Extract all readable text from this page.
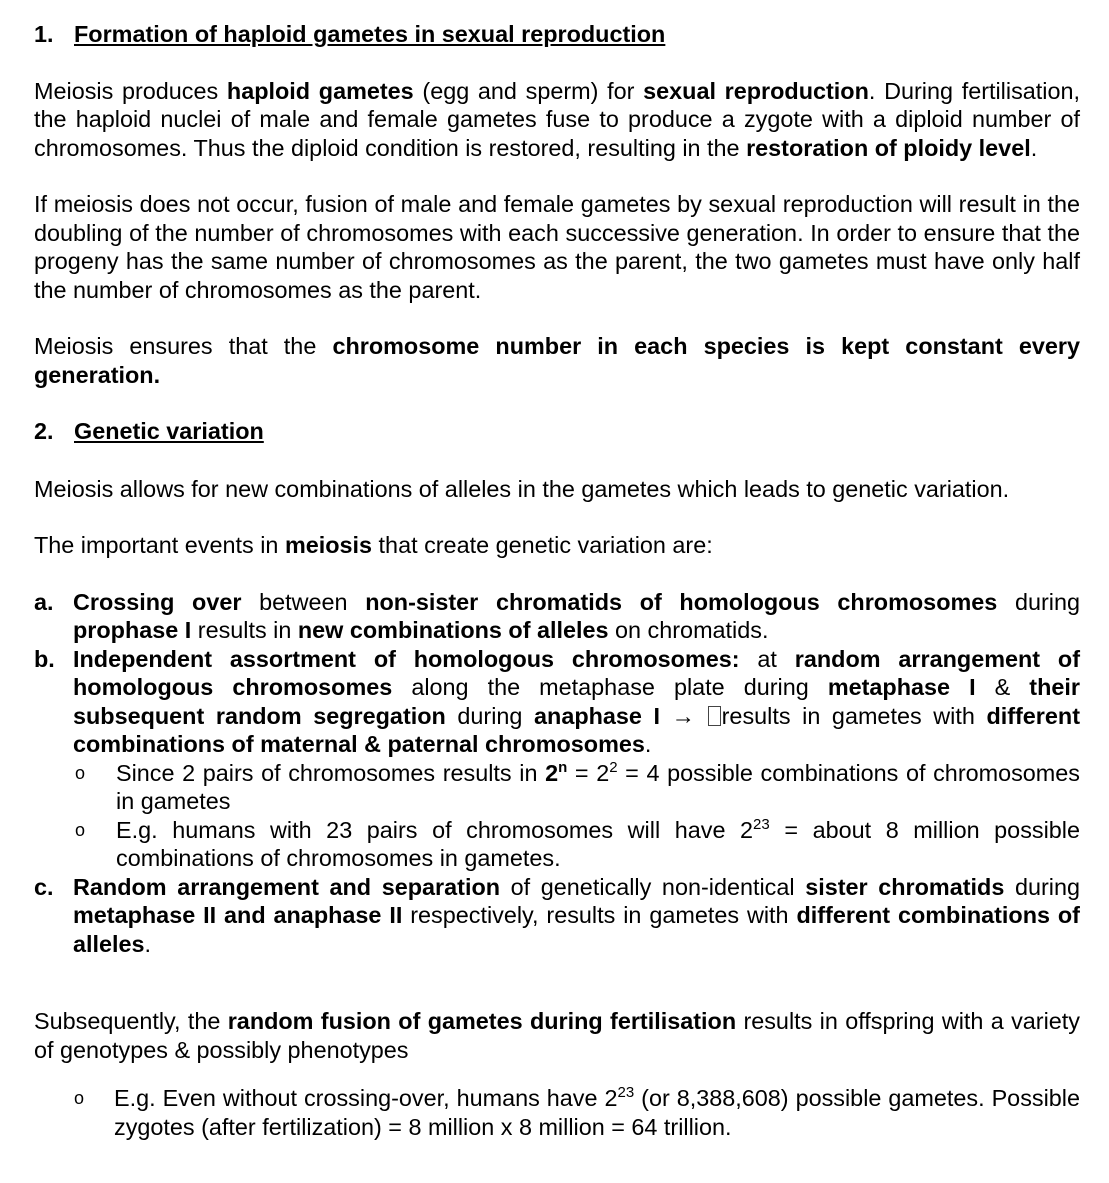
1. Formation of haploid gametes in sexual reproduction

Meiosis produces haploid gametes (egg and sperm) for sexual reproduction. During fertilisation, the haploid nuclei of male and female gametes fuse to produce a zygote with a diploid number of chromosomes. Thus the diploid condition is restored, resulting in the restoration of ploidy level.

If meiosis does not occur, fusion of male and female gametes by sexual reproduction will result in the doubling of the number of chromosomes with each successive generation. In order to ensure that the progeny has the same number of chromosomes as the parent, the two gametes must have only half the number of chromosomes as the parent.

Meiosis ensures that the chromosome number in each species is kept constant every generation.

2. Genetic variation

Meiosis allows for new combinations of alleles in the gametes which leads to genetic variation.

The important events in meiosis that create genetic variation are:

a. Crossing over between non-sister chromatids of homologous chromosomes during prophase I results in new combinations of alleles on chromatids.
b. Independent assortment of homologous chromosomes: at random arrangement of homologous chromosomes along the metaphase plate during metaphase I & their subsequent random segregation during anaphase I → results in gametes with different combinations of maternal & paternal chromosomes.
o	Since 2 pairs of chromosomes results in $2^n = 2^2 = 4$ possible combinations of chromosomes in gametes
o	E.g. humans with 23 pairs of chromosomes will have $2^{23}$ = about 8 million possible combinations of chromosomes in gametes.
c. Random arrangement and separation of genetically non-identical sister chromatids during metaphase II and anaphase II respectively, results in gametes with different combinations of alleles.

Subsequently, the random fusion of gametes during fertilisation results in offspring with a variety of genotypes & possibly phenotypes

o	E.g. Even without crossing-over, humans have $2^{23}$ (or 8,388,608) possible gametes. Possible zygotes (after fertilization) = 8 million x 8 million = 64 trillion.
